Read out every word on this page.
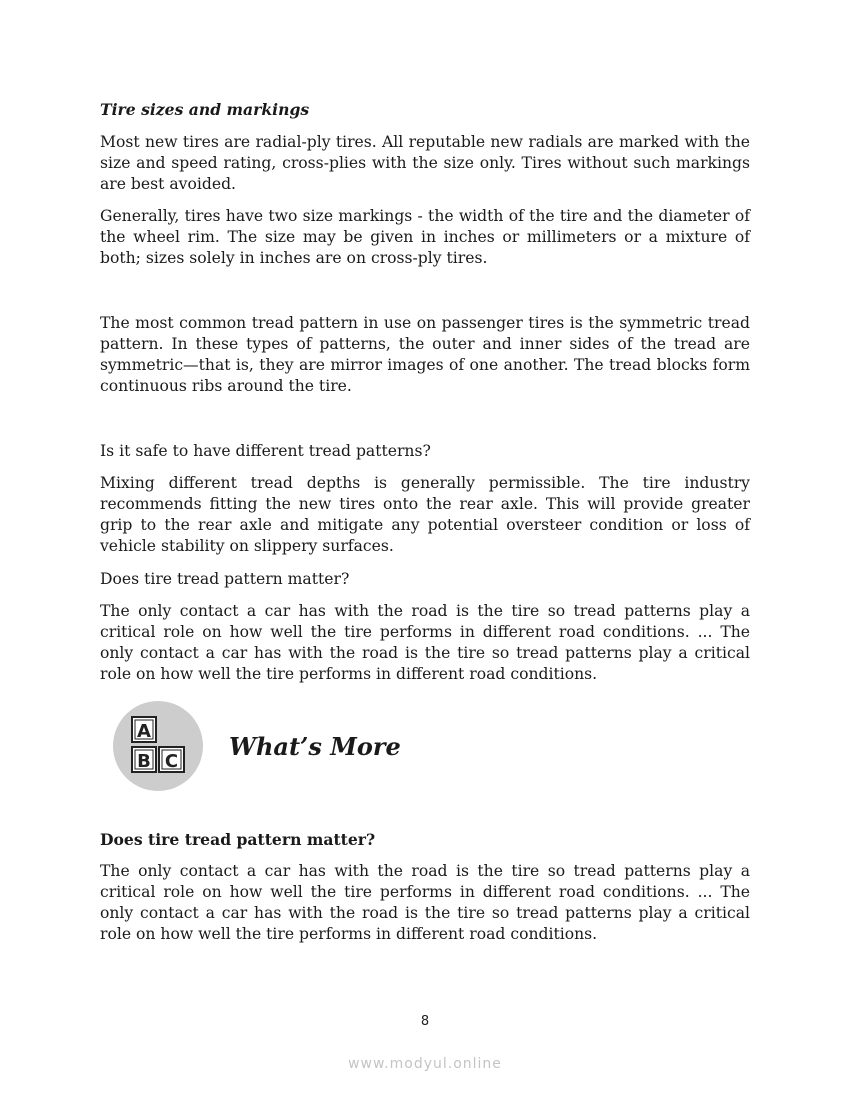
Tire sizes and markings

Most new tires are radial-ply tires. All reputable new radials are marked with the size and speed rating, cross-plies with the size only. Tires without such markings are best avoided.

Generally, tires have two size markings - the width of the tire and the diameter of the wheel rim. The size may be given in inches or millimeters or a mixture of both; sizes solely in inches are on cross-ply tires.

The most common tread pattern in use on passenger tires is the symmetric tread pattern. In these types of patterns, the outer and inner sides of the tread are symmetric—that is, they are mirror images of one another. The tread blocks form continuous ribs around the tire.

Is it safe to have different tread patterns?

Mixing different tread depths is generally permissible. The tire industry recommends fitting the new tires onto the rear axle. This will provide greater grip to the rear axle and mitigate any potential oversteer condition or loss of vehicle stability on slippery surfaces.

Does tire tread pattern matter?

The only contact a car has with the road is the tire so tread patterns play a critical role on how well the tire performs in different road conditions. ... The only contact a car has with the road is the tire so tread patterns play a critical role on how well the tire performs in different road conditions.

A
B C
What’s More

Does tire tread pattern matter?

The only contact a car has with the road is the tire so tread patterns play a critical role on how well the tire performs in different road conditions. ... The only contact a car has with the road is the tire so tread patterns play a critical role on how well the tire performs in different road conditions.

8
www.modyul.online
